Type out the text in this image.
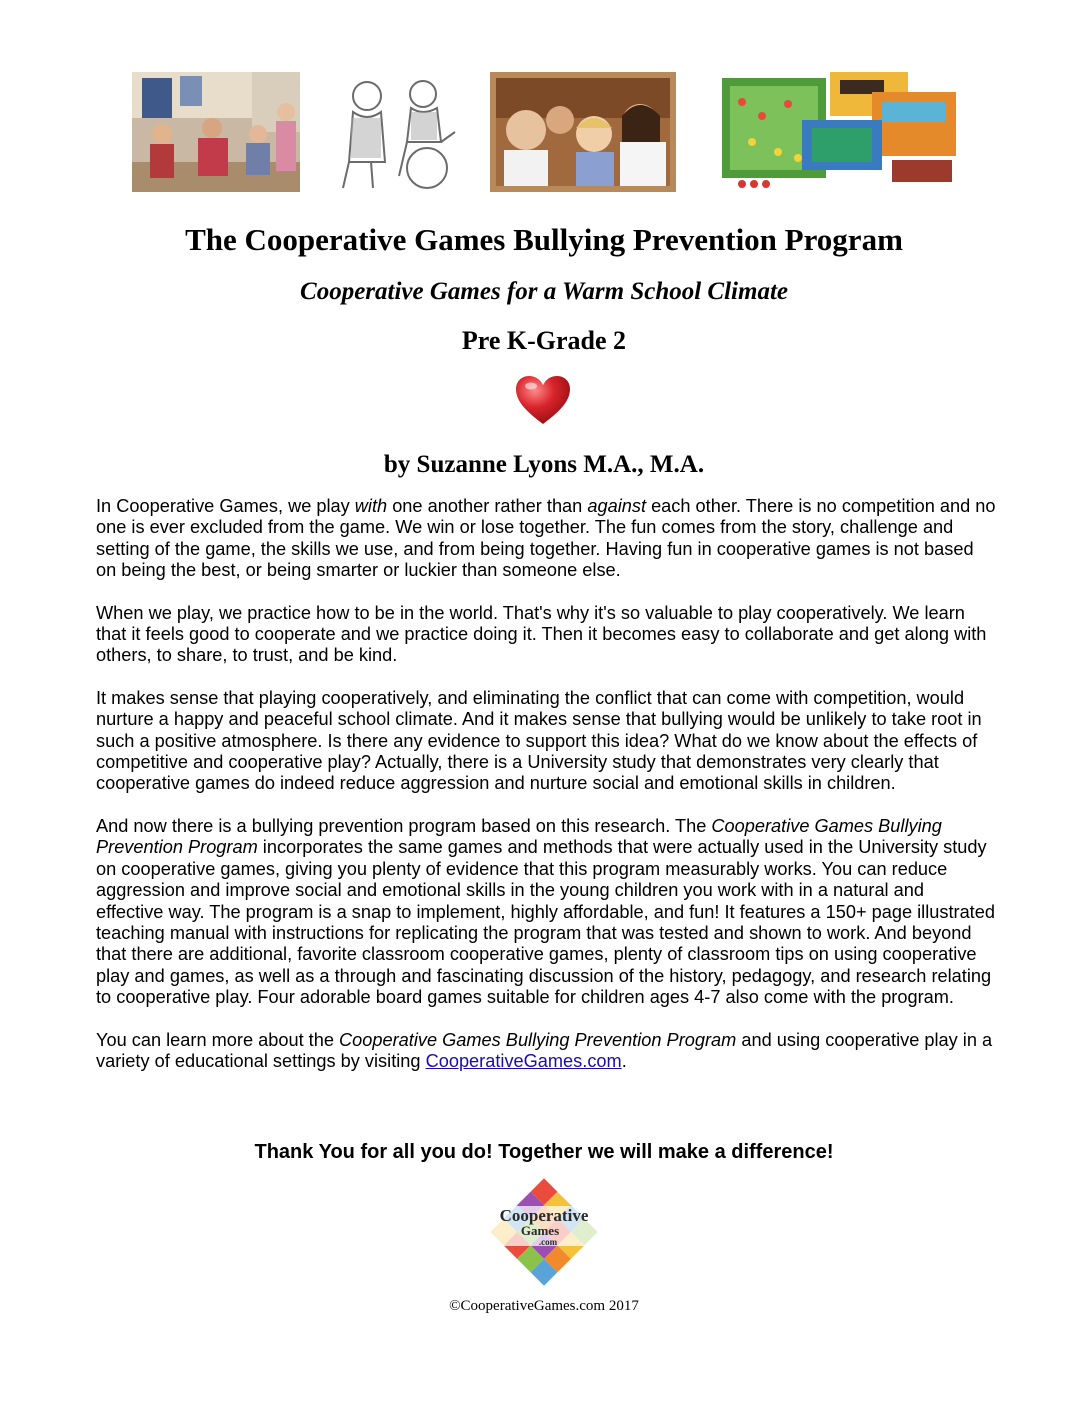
The Cooperative Games Bullying Prevention Program
Cooperative Games for a Warm School Climate
Pre K-Grade 2
by Suzanne Lyons M.A., M.A.

In Cooperative Games, we play with one another rather than against each other. There is no competition and no one is ever excluded from the game. We win or lose together. The fun comes from the story, challenge and setting of the game, the skills we use, and from being together. Having fun in cooperative games is not based on being the best, or being smarter or luckier than someone else.

When we play, we practice how to be in the world. That's why it's so valuable to play cooperatively. We learn that it feels good to cooperate and we practice doing it. Then it becomes easy to collaborate and get along with others, to share, to trust, and be kind.

It makes sense that playing cooperatively, and eliminating the conflict that can come with competition, would nurture a happy and peaceful school climate. And it makes sense that bullying would be unlikely to take root in such a positive atmosphere. Is there any evidence to support this idea? What do we know about the effects of competitive and cooperative play? Actually, there is a University study that demonstrates very clearly that cooperative games do indeed reduce aggression and nurture social and emotional skills in children.

And now there is a bullying prevention program based on this research. The Cooperative Games Bullying Prevention Program incorporates the same games and methods that were actually used in the University study on cooperative games, giving you plenty of evidence that this program measurably works. You can reduce aggression and improve social and emotional skills in the young children you work with in a natural and effective way. The program is a snap to implement, highly affordable, and fun! It features a 150+ page illustrated teaching manual with instructions for replicating the program that was tested and shown to work. And beyond that there are additional, favorite classroom cooperative games, plenty of classroom tips on using cooperative play and games, as well as a through and fascinating discussion of the history, pedagogy, and research relating to cooperative play. Four adorable board games suitable for children ages 4-7 also come with the program.

You can learn more about the Cooperative Games Bullying Prevention Program and using cooperative play in a variety of educational settings by visiting CooperativeGames.com.

Thank You for all you do! Together we will make a difference!
Cooperative
Games
.com
©CooperativeGames.com 2017
